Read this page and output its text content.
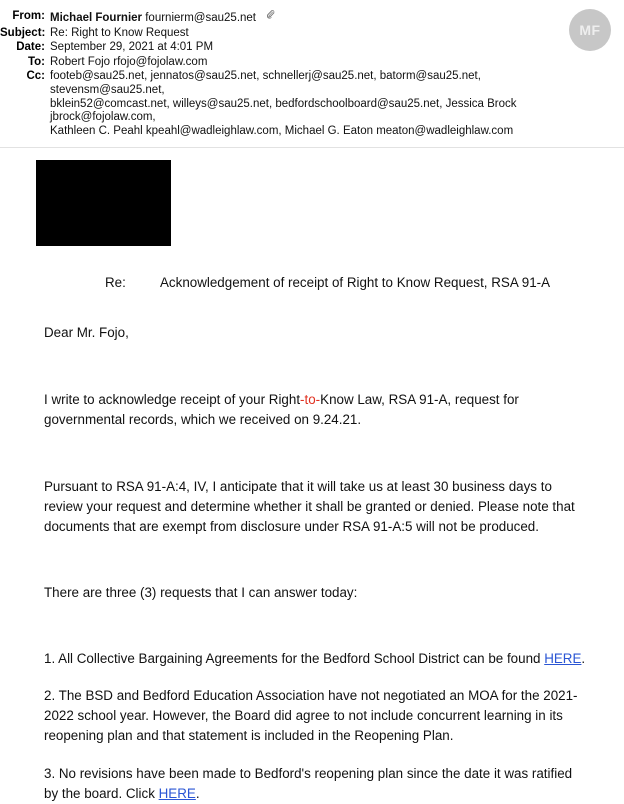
MF
From: Michael Fournier fournierm@sau25.net
Subject: Re: Right to Know Request
Date: September 29, 2021 at 4:01 PM
To: Robert Fojo rfojo@fojolaw.com
Cc: footeb@sau25.net, jennatos@sau25.net, schnellerj@sau25.net, batorm@sau25.net, stevensm@sau25.net,
bklein52@comcast.net, willeys@sau25.net, bedfordschoolboard@sau25.net, Jessica Brock jbrock@fojolaw.com,
Kathleen C. Peahl kpeahl@wadleighlaw.com, Michael G. Eaton meaton@wadleighlaw.com
Re:	Acknowledgement of receipt of Right to Know Request, RSA 91-A
Dear Mr. Fojo,
I write to acknowledge receipt of your Right-to-Know Law, RSA 91-A, request for governmental records, which we received on 9.24.21.
Pursuant to RSA 91-A:4, IV, I anticipate that it will take us at least 30 business days to review your request and determine whether it shall be granted or denied. Please note that documents that are exempt from disclosure under RSA 91-A:5 will not be produced.
There are three (3) requests that I can answer today:
1. All Collective Bargaining Agreements for the Bedford School District can be found HERE.
2. The BSD and Bedford Education Association have not negotiated an MOA for the 2021-2022 school year. However, the Board did agree to not include concurrent learning in its reopening plan and that statement is included in the Reopening Plan.
3. No revisions have been made to Bedford's reopening plan since the date it was ratified by the board. Click HERE.
